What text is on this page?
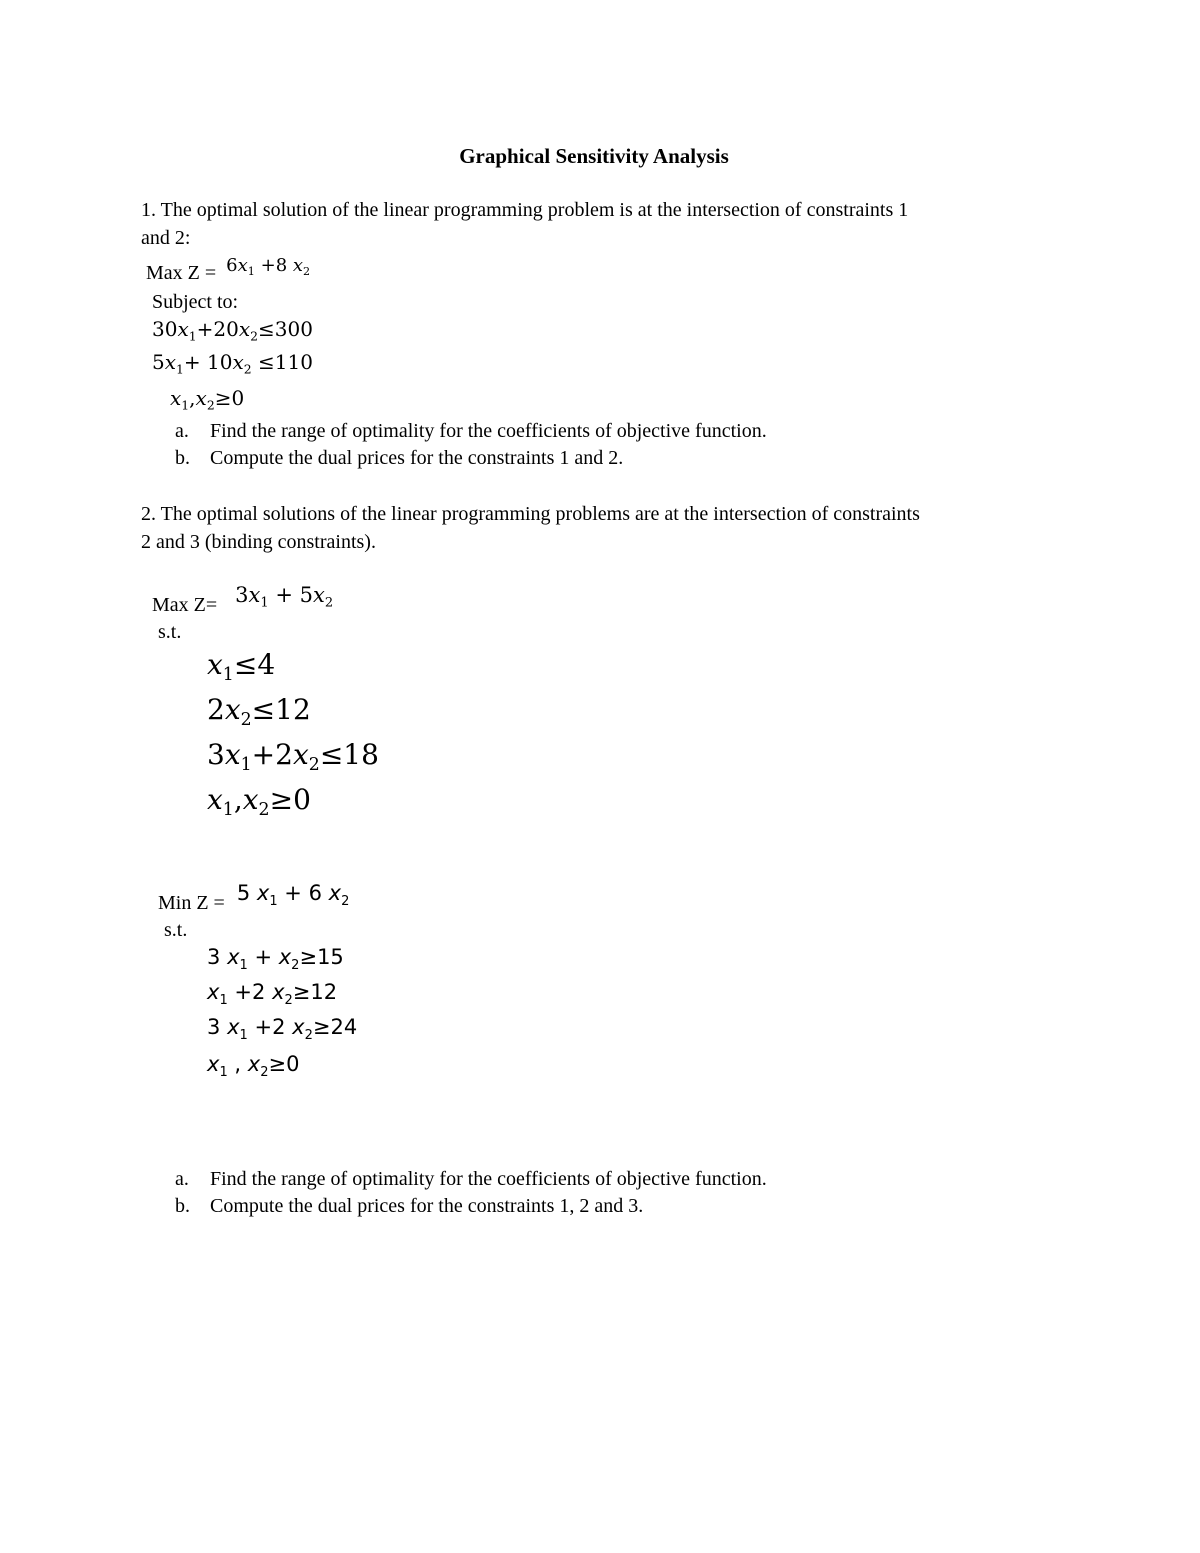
Graphical Sensitivity Analysis
1. The optimal solution of the linear programming problem is at the intersection of constraints 1
and 2:
Max $Z = 6x_1 +8$ $x_2$
Subject to:
$30x_1+20x_2\le 300$
$5x_1+ 10x_2 \le 110$
$x_1,x_2\ge 0$
a. Find the range of optimality for the coefficients of objective function.
b. Compute the dual prices for the constraints 1 and 2.
2. The optimal solutions of the linear programming problems are at the intersection of constraints
2 and 3 (binding constraints).
Max $Z= 3x_1 + 5x_2$
s.t.
$x_1\le 4$
$2x_2\le 12$
$3x_1+2x_2\le 18$
$x_1,x_2\ge 0$
Min Z = 5 $x_1 + 6$ $x_2$
s.t.
3 $x_1 + x_2\ge 15$
$x_1 +2$ $x_2\ge 12$
3 $x_1 +2$ $x_2\ge 24$
$x_1$ , $x_2\ge 0$
a. Find the range of optimality for the coefficients of objective function.
b. Compute the dual prices for the constraints 1, 2 and 3.
